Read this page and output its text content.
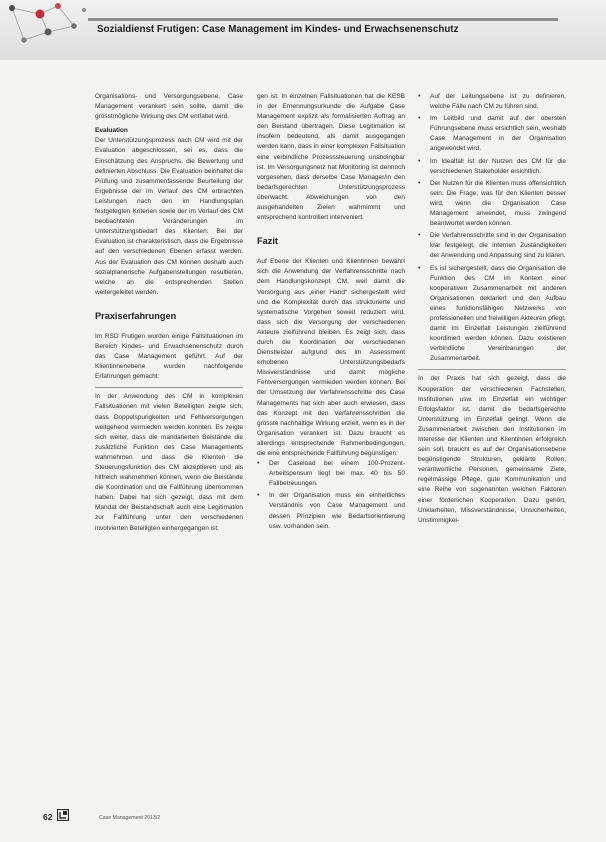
Sozialdienst Frutigen: Case Management im Kindes- und Erwachsenenschutz

Organisations- und Versorgungsebene, Case Management verankert sein sollte, damit die grösstmögliche Wirkung des CM entfaltet wird.

Evaluation

Der Unterstützungsprozess nach CM wird mit der Evaluation abgeschlossen, sei es, dass die Einschätzung des Anspruchs, die Bewertung und definierten Abschluss. Die Evaluation beinhaltet die Prüfung und zusammenfassende Beurteilung der Ergebnisse der im Verlauf des CM erbrachten Leistungen nach den im Handlungsplan festgelegten Kriterien sowie der im Verlauf des CM beobachteten Veränderungen im Unterstützungsbedarf des Klienten. Bei der Evaluation ist charakteristisch, dass die Ergebnisse auf den verschiedenen Ebenen erfasst werden. Aus der Evaluation des CM können deshalb auch sozialplanerische Aufgabenstellungen resultieren, welche an die entsprechenden Stellen weitergeleitet werden.

Praxiserfahrungen

Im RSD Frutigen wurden einige Fallsituationen im Bereich Kindes- und Erwachsenenschutz durch das Case Management geführt. Auf der Klientinnenebene wurden nachfolgende Erfahrungen gemacht:

In der Anwendung des CM in komplexen Fallsituationen mit vielen Beteiligten zeigte sich, dass Doppelspurigkeiten und Fehlversorgungen weitgehend vermieden werden konnten. Es zeigte sich weiter, dass die mandatierten Beistände die zusätzliche Funktion des Case Managements wahrnehmen und dass die Klienten die Steuerungsfunktion des CM akzeptieren und als hilfreich wahrnehmen können, wenn die Beistände die Koordination und die Fallführung übernommen haben. Dabei hat sich gezeigt, dass mit dem Mandat der Beistandschaft auch eine Legitimation zur Fallführung unter den verschiedenen involvierten Beteiligten einhergegangen ist.

gen ist. In einzelnen Fallsituationen hat die KESB in der Ernennungsurkunde die Aufgabe Case Management explizit als formalisierten Auftrag an den Beistand übertragen. Diese Legitimation ist insofern bedeutend, als damit ausgegangen werden kann, dass in einer komplexen Fallsituation eine verbindliche Prozesssteuerung unabdingbar ist. Im Versorgungsnetz hat Monitoring ist dennoch vorgesehen, dass derselbe Case Manager/in den bedarfsgerechten Unterstützungsprozess überwacht. Abweichungen von den ausgehandelten Zielen wahrnimmt und entsprechend kontrolliert interveniert.

Fazit

Auf Ebene der Klienten und Klientinnen bewährt sich die Anwendung der Verfahrensschritte nach dem Handlungskonzept CM, weil damit die Versorgung aus „einer Hand“ sichergestellt wird und die Komplexität durch das strukturierte und systematische Vorgehen soweit reduziert wird, dass sich die Versorgung der verschiedenen Akteure zielführend bleiben. Es zeigt sich, dass durch die Koordination der verschiedenen Dienstleister aufgrund des im Assessment erhobenen Unterstützungsbedarfs Missverständnisse und damit mögliche Fehlversorgungen vermieden werden können. Bei der Umsetzung der Verfahrensschritte des Case Managements hat sich aber auch erwiesen, dass das Konzept mit den Verfahrensschritten die grösste nachhaltige Wirkung erzielt, wenn es in der Organisation verankert ist. Dazu braucht es allerdings entsprechende Rahmenbedingungen, die eine entsprechende Fallführung begünstigen:

• Der Caseload bei einem 100-Prozent-Arbeitspensum liegt bei max. 40 bis 50 Fallbetreuungen.
• In der Organisation muss ein einheitliches Verständnis von Case Management und dessen Prinzipien wie Bedarfsorientierung usw. vorhanden sein.
• Auf der Leitungsebene ist zu definieren, welche Fälle nach CM zu führen sind.
• Im Leitbild und damit auf der obersten Führungsebene muss ersichtlich sein, weshalb Case Management in der Organisation angewendet wird.
• Im Idealfall ist der Nutzen des CM für die verschiedenen Stakeholder ersichtlich.
• Der Nutzen für die Klienten muss offensichtlich sein. Die Frage, was für den Klienten besser wird, wenn die Organisation Case Management anwendet, muss zwingend beantwortet werden können.
• Die Verfahrensschritte sind in der Organisation klar festgelegt, die internen Zuständigkeiten der Anwendung und Anpassung sind zu klären.
• Es ist sichergestellt, dass die Organisation die Funktion des CM im Kontext einer kooperativen Zusammenarbeit mit anderen Organisationen deklariert und den Aufbau eines funktionsfähigen Netzwerks von professionellen und freiwilligen Akteuren pflegt, damit im Einzelfall Leistungen zielführend koordiniert werden können. Dazu existieren verbindliche Vereinbarungen der Zusammenarbeit.

In der Praxis hat sich gezeigt, dass die Kooperation der verschiedenen Fachstellen, Institutionen usw. im Einzelfall ein wichtiger Erfolgsfaktor ist, damit die bedarfsgerechte Unterstützung im Einzelfall gelingt. Wenn die Zusammenarbeit zwischen den Institutionen im Interesse der Klienten und Klientinnen erfolgreich sein soll, braucht es auf der Organisationsebene begünstigende Strukturen, geklärte Rollen, verantwortliche Personen, gemeinsame Ziele, regelmässige Pflege, gute Kommunikation und eine Reihe von sogenannten weichen Faktoren einer förderlichen Kooperation. Dazu gehört, Unklarheiten, Missverständnisse, Unsicherheiten, Unstimmigkei-

62	Case Management 2013/2
